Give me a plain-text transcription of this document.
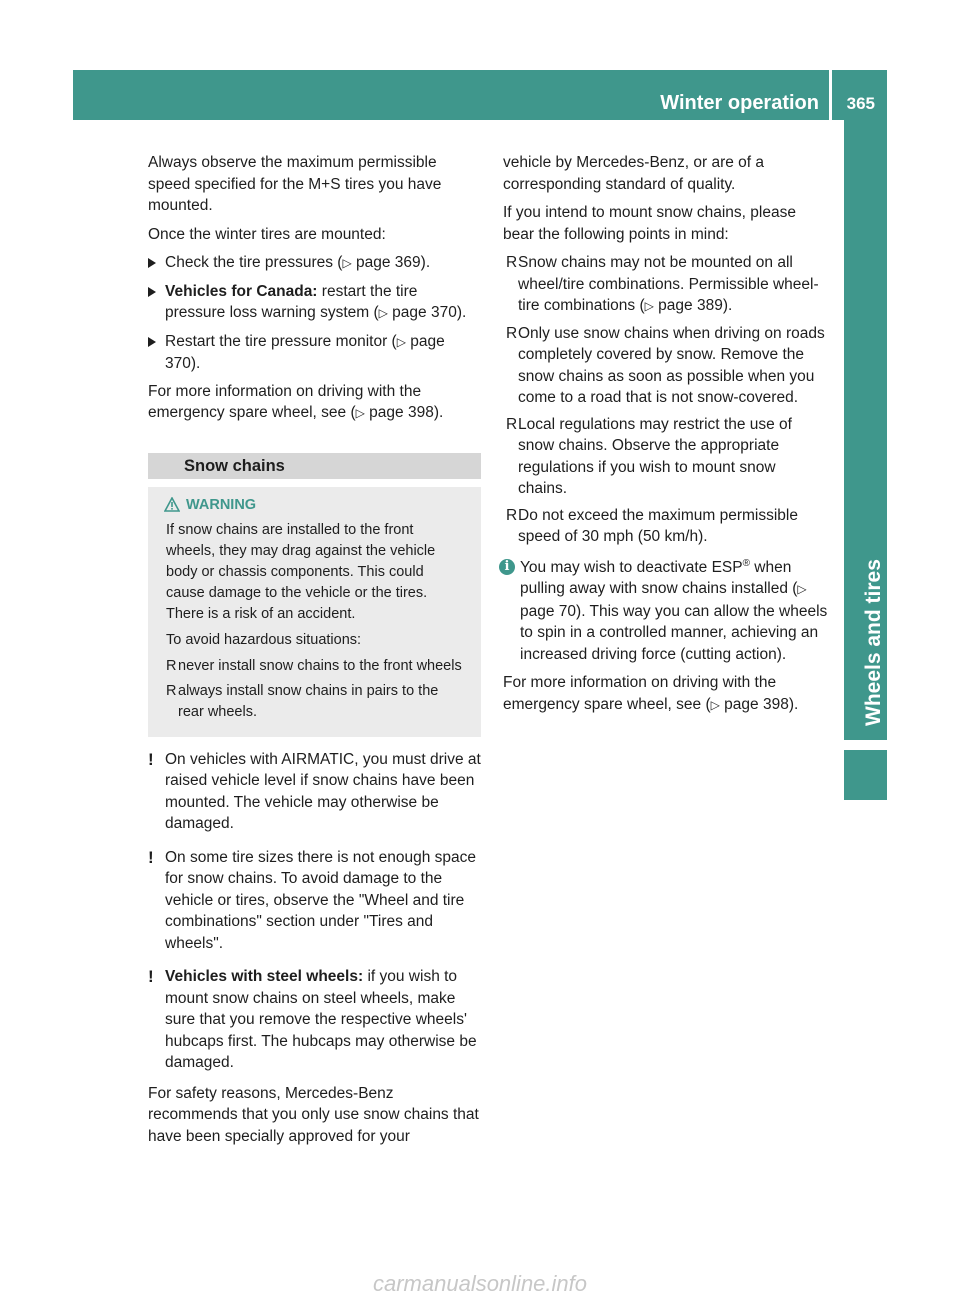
Winter operation 365
Wheels and tires

Always observe the maximum permissible speed specified for the M+S tires you have mounted.

Once the winter tires are mounted:

Check the tire pressures (▷ page 369).
Vehicles for Canada: restart the tire pressure loss warning system (▷ page 370).
Restart the tire pressure monitor (▷ page 370).

For more information on driving with the emergency spare wheel, see (▷ page 398).

Snow chains
WARNING

If snow chains are installed to the front wheels, they may drag against the vehicle body or chassis components. This could cause damage to the vehicle or the tires. There is a risk of an accident.

To avoid hazardous situations:

R never install snow chains to the front wheels
R always install snow chains in pairs to the rear wheels.
! On vehicles with AIRMATIC, you must drive at raised vehicle level if snow chains have been mounted. The vehicle may otherwise be damaged.
! On some tire sizes there is not enough space for snow chains. To avoid damage to the vehicle or tires, observe the "Wheel and tire combinations" section under "Tires and wheels".
! Vehicles with steel wheels: if you wish to mount snow chains on steel wheels, make sure that you remove the respective wheels' hubcaps first. The hubcaps may otherwise be damaged.

For safety reasons, Mercedes-Benz recommends that you only use snow chains that have been specially approved for your

vehicle by Mercedes-Benz, or are of a corresponding standard of quality.

If you intend to mount snow chains, please bear the following points in mind:

R Snow chains may not be mounted on all wheel/tire combinations. Permissible wheel-tire combinations (▷ page 389).
R Only use snow chains when driving on roads completely covered by snow. Remove the snow chains as soon as possible when you come to a road that is not snow-covered.
R Local regulations may restrict the use of snow chains. Observe the appropriate regulations if you wish to mount snow chains.
R Do not exceed the maximum permissible speed of 30 mph (50 km/h).
i You may wish to deactivate ESP® when pulling away with snow chains installed (▷ page 70). This way you can allow the wheels to spin in a controlled manner, achieving an increased driving force (cutting action).

For more information on driving with the emergency spare wheel, see (▷ page 398).

carmanualsonline.info
